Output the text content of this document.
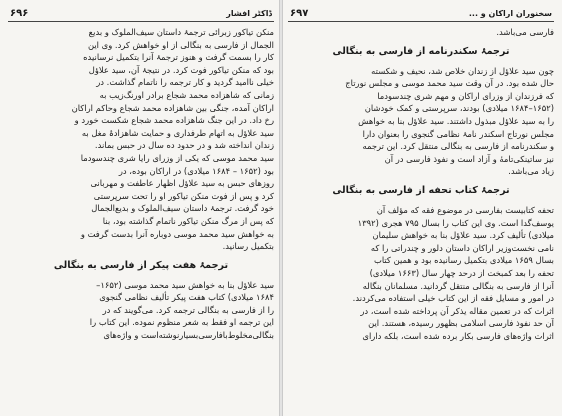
۶۹۶	ڈاکٹر افشار

منکن تیاکور زبرائی ترجمۂ داستان سیف‌الملوک و بدیع‌
الجمال از فارسی به بنگالی از او خواهش کرد. وی این
کار را بسمت گرفت و هنوز ترجمۂ آنرا بتکمیل نرسانیده
بود که منکن تیاکور فوت کرد. در نتیجۂ آن، سید علاؤل
خیلی ناامید گردید و کار ترجمه را ناتمام گذاشت. در
زمانی که شاهزاده محمد شجاع برادر اورنگ‌زیب به
اراکان آمده، جنگی بین شاهزاده محمد شجاع وحاکم اراکان
رخ داد. در این جنگ شاهزاده محمد شجاع شکست خورد و
سید علاؤل به اتهام طرفداری و حمایت شاهزادۂ مغل به
زندان انداخته شد و در حدود ده سال در حبس بماند.
سید محمد موسی که یکی از وزرای رایا شری چندسودما
بود (۱۶۵۲ – ۱۶۸۴ میلادی) در اراکان بوده، در
روزهای حبس به سید علاؤل اظهار عاطفت و مهربانی
کرد و پس از فوت منکن تیاکور او را تحت سرپرستی
خود گرفت. ترجمۂ داستان سیف‌الملوک و بدیع‌الجمال
که پس از مرگ منکن تیاکور ناتمام گذاشته بود، بنا
به خواهش سید محمد موسی دوباره آنرا بدست گرفت و
بتکمیل رسانید.

ترجمۂ هفت پیکر از فارسی به بنگالی

سید علاؤل بنا به خواهش سید محمد موسی (۱۶۵۲–
۱۶۸۴ میلادی) کتاب هفت پیکر تألیف نظامی گنجوی
را از فارسی به بنگالی ترجمه کرد. می‌گویند که در
این ترجمه او فقط به شعر منظوم نموده. این کتاب را
بنگالی‌مخلوط‌بافارسی‌بسیارنوشته‌است و واژه‌های

۶۹۷	سخنوران اراکان و ...
فارسی می‌باشد.
ترجمۂ سکندرنامه از فارسی به بنگالی

چون سید علاؤل از زندان خلاص شد، نحیف و شکسته
حال شده بود. در آن وقت سید محمد موسی و مجلس نورتاج
که فرزندان از وزرای اراکان و مهم شری چندسودما
(۱۶۵۲–۱۶۸۴ میلادی) بودند، سرپرستی و کمک خودشان
را به سید علاؤل مبذول داشتند. سید علاؤل بنا به خواهش
مجلس نورتاج اسکندر نامۂ نظامی گنجوی را بعنوان دارا
و سکندرنامه از فارسی به بنگالی منتقل کرد. این ترجمه
نیز ساتینکی‌تامهٔ و آزاد است و نفوذ فارسی در آن
زیاد می‌باشد.

ترجمۂ کتاب تحفه از فارسی به بنگالی

تحفه کتابیست بفارسی در موضوع فقه که مؤلف آن
یوسف‌گدا است. وی این کتاب را بسال ۷۹۵ هجری (۱۳۹۲
میلادی) تألیف کرد. سید علاؤل بنا به خواهش سلیمان
نامی نخست‌وزیر اراکان داستان دلور و چندراتی را که
بسال ۱۶۵۹ میلادی بتکمیل رسانیده بود و همین کتاب
تحفه را بعد کمبخت از درحد چهار سال (۱۶۶۳ میلادی)
آنرا از فارسی به بنگالی منتقل گردانید. مسلمانان بنگاله
در امور و مسایل فقه از این کتاب خیلی استفاده می‌کردند.
اثرات که در تعمین مقاله یذکر آن پرداخته شده است، در
آن حد نفوذ فارسی اسلامی بظهور رسیده، هستند. این
اثرات واژه‌های فارسی بکار برده شده است، بلکه دارای
